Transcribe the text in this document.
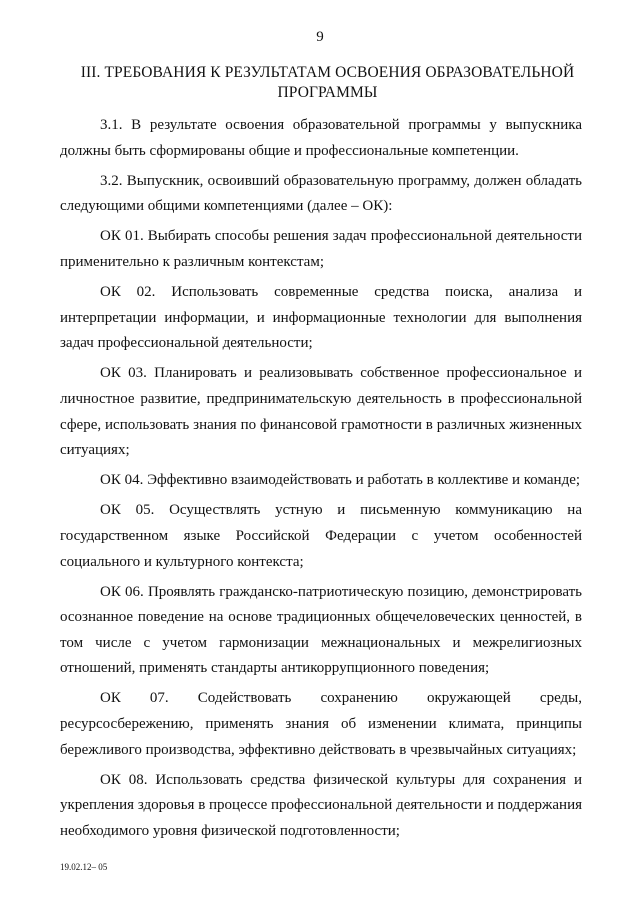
9
III. ТРЕБОВАНИЯ К РЕЗУЛЬТАТАМ ОСВОЕНИЯ ОБРАЗОВАТЕЛЬНОЙ ПРОГРАММЫ

3.1. В результате освоения образовательной программы у выпускника должны быть сформированы общие и профессиональные компетенции.

3.2. Выпускник, освоивший образовательную программу, должен обладать следующими общими компетенциями (далее – ОК):

ОК 01. Выбирать способы решения задач профессиональной деятельности применительно к различным контекстам;

ОК 02. Использовать современные средства поиска, анализа и интерпретации информации, и информационные технологии для выполнения задач профессиональной деятельности;

ОК 03. Планировать и реализовывать собственное профессиональное и личностное развитие, предпринимательскую деятельность в профессиональной сфере, использовать знания по финансовой грамотности в различных жизненных ситуациях;

ОК 04. Эффективно взаимодействовать и работать в коллективе и команде;

ОК 05. Осуществлять устную и письменную коммуникацию на государственном языке Российской Федерации с учетом особенностей социального и культурного контекста;

ОК 06. Проявлять гражданско-патриотическую позицию, демонстрировать осознанное поведение на основе традиционных общечеловеческих ценностей, в том числе с учетом гармонизации межнациональных и межрелигиозных отношений, применять стандарты антикоррупционного поведения;

ОК 07. Содействовать сохранению окружающей среды, ресурсосбережению, применять знания об изменении климата, принципы бережливого производства, эффективно действовать в чрезвычайных ситуациях;

ОК 08. Использовать средства физической культуры для сохранения и укрепления здоровья в процессе профессиональной деятельности и поддержания необходимого уровня физической подготовленности;

19.02.12– 05
